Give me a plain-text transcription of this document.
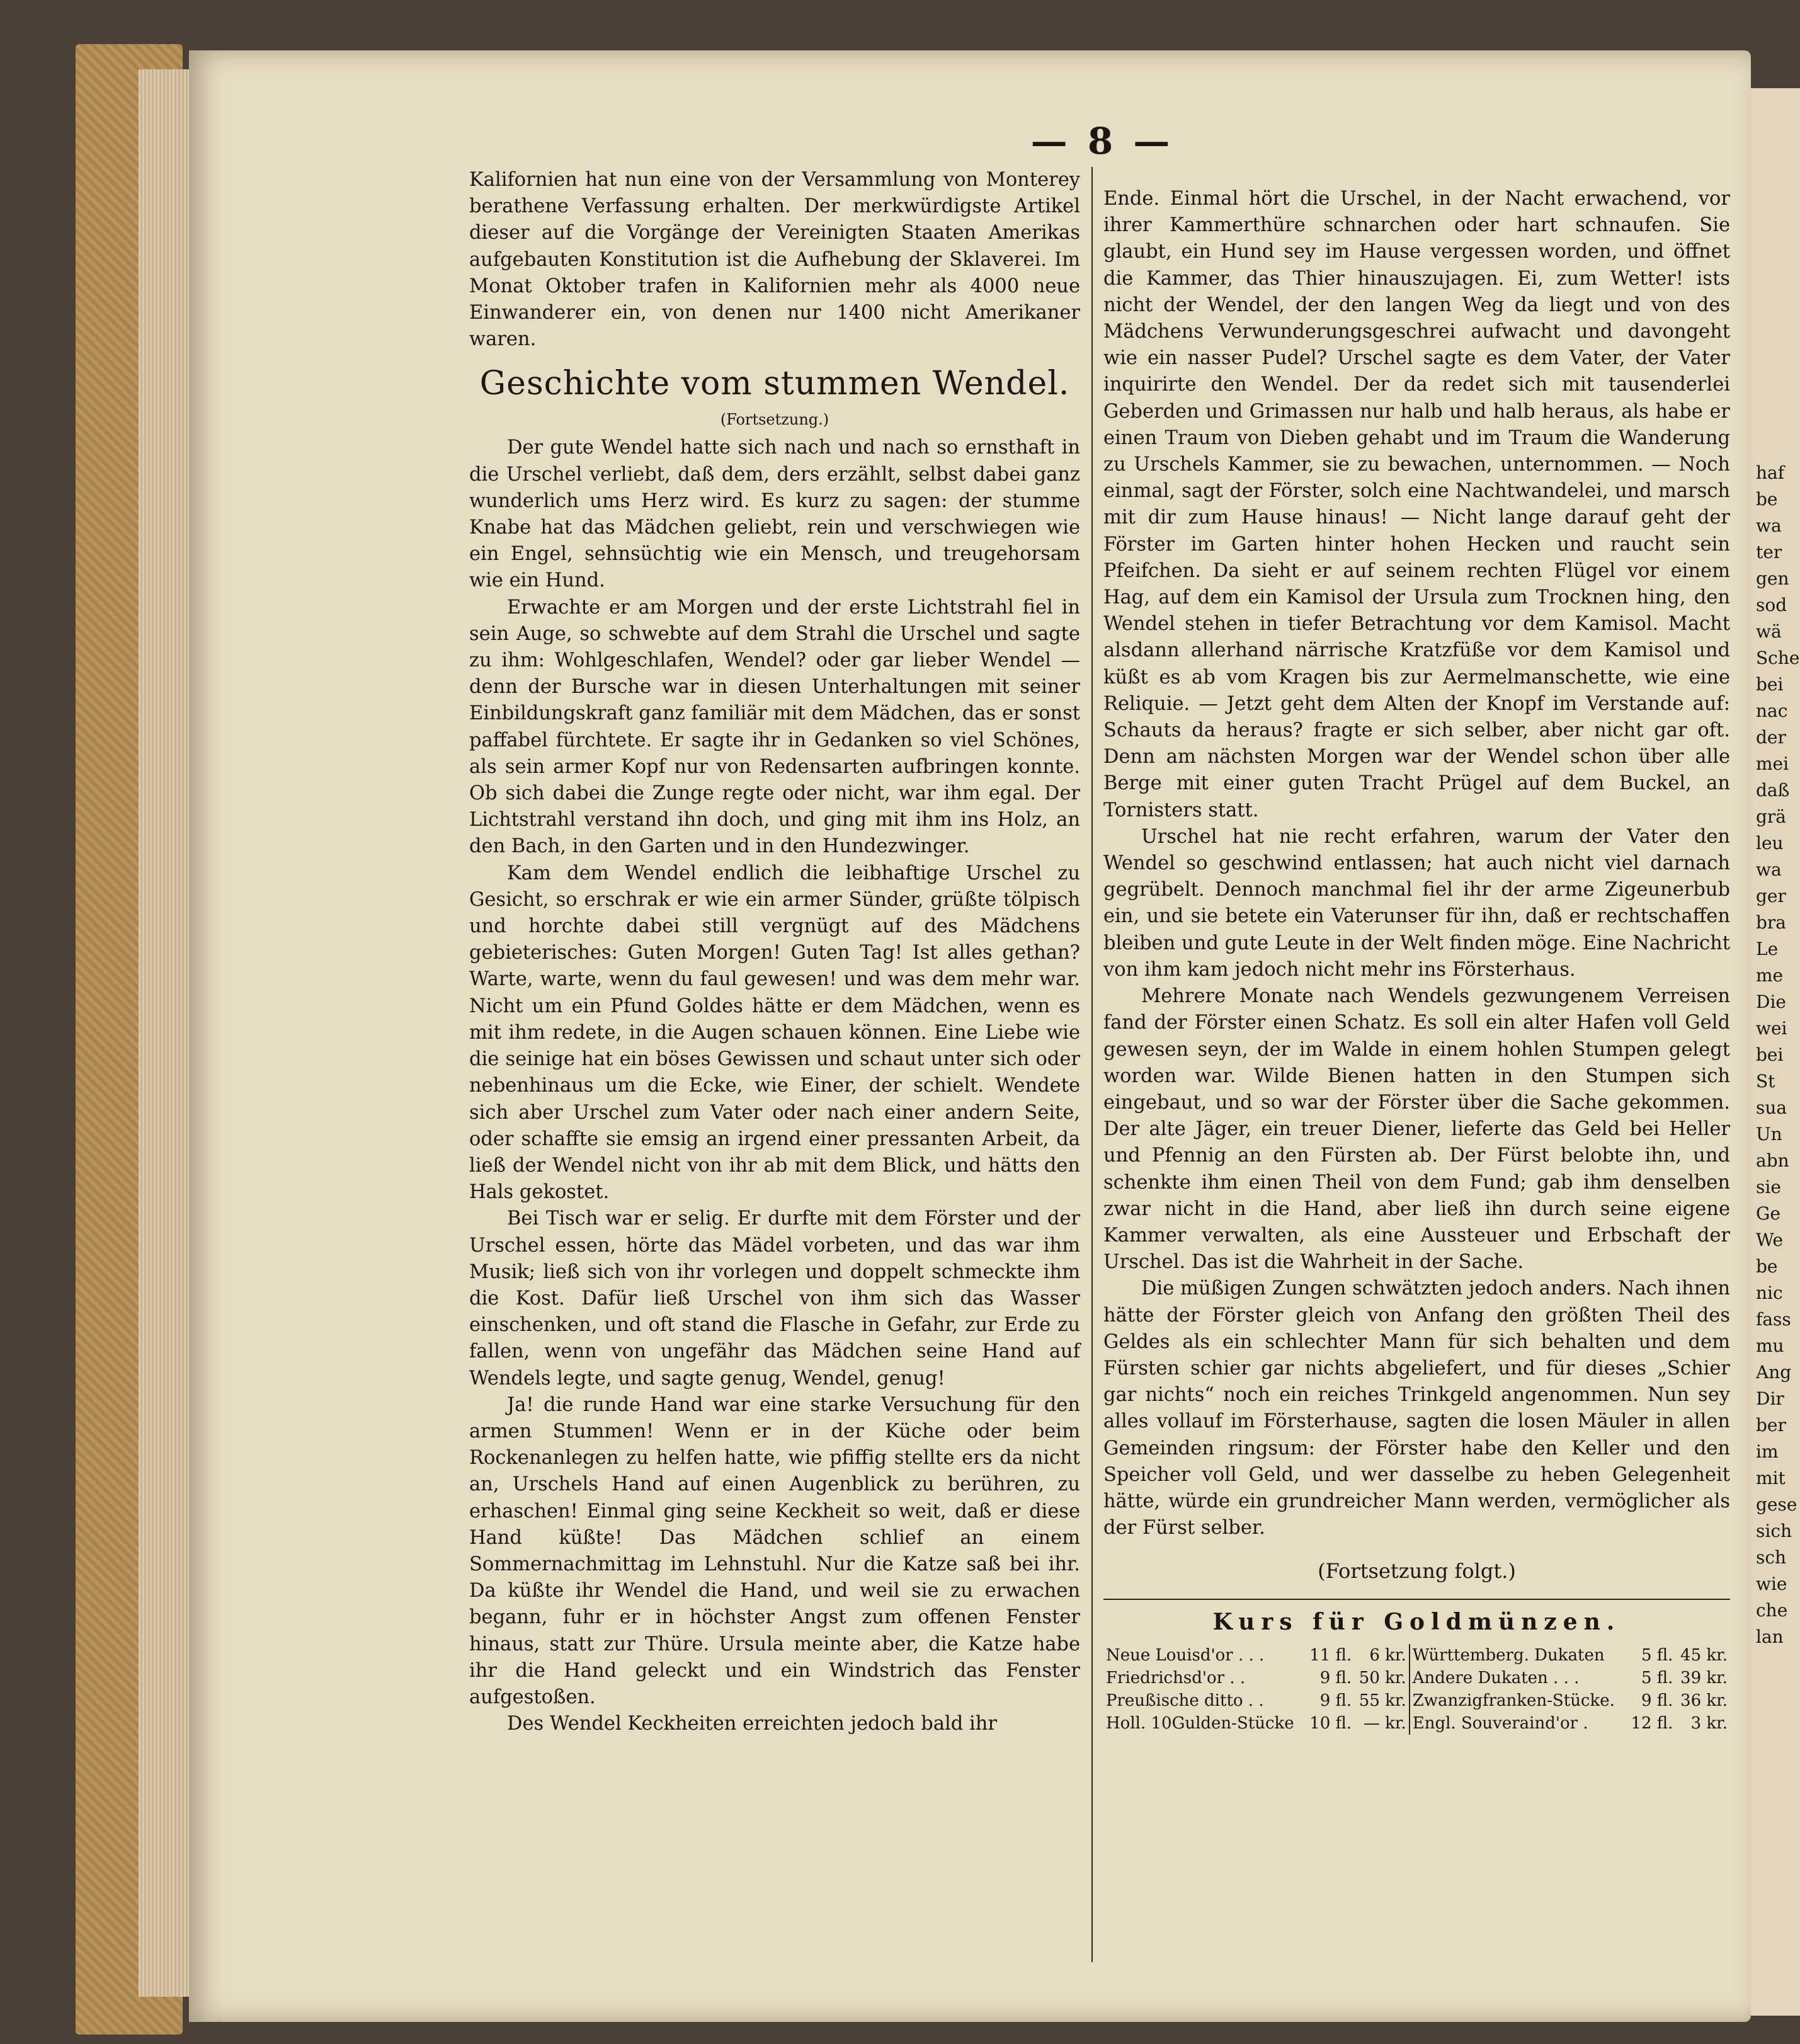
— 8 —

Kalifornien hat nun eine von der Versammlung von Monterey berathene Verfassung erhalten. Der merkwürdigste Artikel dieser auf die Vorgänge der Vereinigten Staaten Amerikas aufgebauten Konstitution ist die Aufhebung der Sklaverei. Im Monat Oktober trafen in Kalifornien mehr als 4000 neue Einwanderer ein, von denen nur 1400 nicht Amerikaner waren.

Geschichte vom stummen Wendel.
(Fortsetzung.)

Der gute Wendel hatte sich nach und nach so ernsthaft in die Urschel verliebt, daß dem, ders erzählt, selbst dabei ganz wunderlich ums Herz wird. Es kurz zu sagen: der stumme Knabe hat das Mädchen geliebt, rein und verschwiegen wie ein Engel, sehnsüchtig wie ein Mensch, und treugehorsam wie ein Hund.

Erwachte er am Morgen und der erste Lichtstrahl fiel in sein Auge, so schwebte auf dem Strahl die Urschel und sagte zu ihm: Wohlgeschlafen, Wendel? oder gar lieber Wendel — denn der Bursche war in diesen Unterhaltungen mit seiner Einbildungskraft ganz familiär mit dem Mädchen, das er sonst paffabel fürchtete. Er sagte ihr in Gedanken so viel Schönes, als sein armer Kopf nur von Redensarten aufbringen konnte. Ob sich dabei die Zunge regte oder nicht, war ihm egal. Der Lichtstrahl verstand ihn doch, und ging mit ihm ins Holz, an den Bach, in den Garten und in den Hundezwinger.

Kam dem Wendel endlich die leibhaftige Urschel zu Gesicht, so erschrak er wie ein armer Sünder, grüßte tölpisch und horchte dabei still vergnügt auf des Mädchens gebieterisches: Guten Morgen! Guten Tag! Ist alles gethan? Warte, warte, wenn du faul gewesen! und was dem mehr war. Nicht um ein Pfund Goldes hätte er dem Mädchen, wenn es mit ihm redete, in die Augen schauen können. Eine Liebe wie die seinige hat ein böses Gewissen und schaut unter sich oder nebenhinaus um die Ecke, wie Einer, der schielt. Wendete sich aber Urschel zum Vater oder nach einer andern Seite, oder schaffte sie emsig an irgend einer pressanten Arbeit, da ließ der Wendel nicht von ihr ab mit dem Blick, und hätts den Hals gekostet.

Bei Tisch war er selig. Er durfte mit dem Förster und der Urschel essen, hörte das Mädel vorbeten, und das war ihm Musik; ließ sich von ihr vorlegen und doppelt schmeckte ihm die Kost. Dafür ließ Urschel von ihm sich das Wasser einschenken, und oft stand die Flasche in Gefahr, zur Erde zu fallen, wenn von ungefähr das Mädchen seine Hand auf Wendels legte, und sagte genug, Wendel, genug!

Ja! die runde Hand war eine starke Versuchung für den armen Stummen! Wenn er in der Küche oder beim Rockenanlegen zu helfen hatte, wie pfiffig stellte ers da nicht an, Urschels Hand auf einen Augenblick zu berühren, zu erhaschen! Einmal ging seine Keckheit so weit, daß er diese Hand küßte! Das Mädchen schlief an einem Sommernachmittag im Lehnstuhl. Nur die Katze saß bei ihr. Da küßte ihr Wendel die Hand, und weil sie zu erwachen begann, fuhr er in höchster Angst zum offenen Fenster hinaus, statt zur Thüre. Ursula meinte aber, die Katze habe ihr die Hand geleckt und ein Windstrich das Fenster aufgestoßen.

Des Wendel Keckheiten erreichten jedoch bald ihr

Ende. Einmal hört die Urschel, in der Nacht erwachend, vor ihrer Kammerthüre schnarchen oder hart schnaufen. Sie glaubt, ein Hund sey im Hause vergessen worden, und öffnet die Kammer, das Thier hinauszujagen. Ei, zum Wetter! ists nicht der Wendel, der den langen Weg da liegt und von des Mädchens Verwunderungsgeschrei aufwacht und davongeht wie ein nasser Pudel? Urschel sagte es dem Vater, der Vater inquirirte den Wendel. Der da redet sich mit tausenderlei Geberden und Grimassen nur halb und halb heraus, als habe er einen Traum von Dieben gehabt und im Traum die Wanderung zu Urschels Kammer, sie zu bewachen, unternommen. — Noch einmal, sagt der Förster, solch eine Nachtwandelei, und marsch mit dir zum Hause hinaus! — Nicht lange darauf geht der Förster im Garten hinter hohen Hecken und raucht sein Pfeifchen. Da sieht er auf seinem rechten Flügel vor einem Hag, auf dem ein Kamisol der Ursula zum Trocknen hing, den Wendel stehen in tiefer Betrachtung vor dem Kamisol. Macht alsdann allerhand närrische Kratzfüße vor dem Kamisol und küßt es ab vom Kragen bis zur Aermelmanschette, wie eine Reliquie. — Jetzt geht dem Alten der Knopf im Verstande auf: Schauts da heraus? fragte er sich selber, aber nicht gar oft. Denn am nächsten Morgen war der Wendel schon über alle Berge mit einer guten Tracht Prügel auf dem Buckel, an Tornisters statt.

Urschel hat nie recht erfahren, warum der Vater den Wendel so geschwind entlassen; hat auch nicht viel darnach gegrübelt. Dennoch manchmal fiel ihr der arme Zigeunerbub ein, und sie betete ein Vaterunser für ihn, daß er rechtschaffen bleiben und gute Leute in der Welt finden möge. Eine Nachricht von ihm kam jedoch nicht mehr ins Försterhaus.

Mehrere Monate nach Wendels gezwungenem Verreisen fand der Förster einen Schatz. Es soll ein alter Hafen voll Geld gewesen seyn, der im Walde in einem hohlen Stumpen gelegt worden war. Wilde Bienen hatten in den Stumpen sich eingebaut, und so war der Förster über die Sache gekommen. Der alte Jäger, ein treuer Diener, lieferte das Geld bei Heller und Pfennig an den Fürsten ab. Der Fürst belobte ihn, und schenkte ihm einen Theil von dem Fund; gab ihm denselben zwar nicht in die Hand, aber ließ ihn durch seine eigene Kammer verwalten, als eine Aussteuer und Erbschaft der Urschel. Das ist die Wahrheit in der Sache.

Die müßigen Zungen schwätzten jedoch anders. Nach ihnen hätte der Förster gleich von Anfang den größten Theil des Geldes als ein schlechter Mann für sich behalten und dem Fürsten schier gar nichts abgeliefert, und für dieses „Schier gar nichts“ noch ein reiches Trinkgeld angenommen. Nun sey alles vollauf im Försterhause, sagten die losen Mäuler in allen Gemeinden ringsum: der Förster habe den Keller und den Speicher voll Geld, und wer dasselbe zu heben Gelegenheit hätte, würde ein grundreicher Mann werden, vermöglicher als der Fürst selber.

(Fortsetzung folgt.)
Kurs für Goldmünzen.
Neue Louisd'or . . .	11 fl.	6 kr.	Württemberg. Dukaten	5 fl.	45 kr.
Friedrichsd'or . .	9 fl.	50 kr.	Andere Dukaten . . .	5 fl.	39 kr.
Preußische ditto . .	9 fl.	55 kr.	Zwanzigfranken-Stücke.	9 fl.	36 kr.
Holl. 10Gulden-Stücke	10 fl.	— kr.	Engl. Souveraind'or .	12 fl.	3 kr.
haf
be
wa
ter
gen
sod
wä
Sche
bei
nac
der
mei
daß
grä
leu
wa
ger
bra
Le
me
Die
wei
bei
St
sua
Un
abn
sie
Ge
We
be
nic
fass
mu
Ang
Dir
ber
im
mit
gese
sich
sch
wie
che
lan
